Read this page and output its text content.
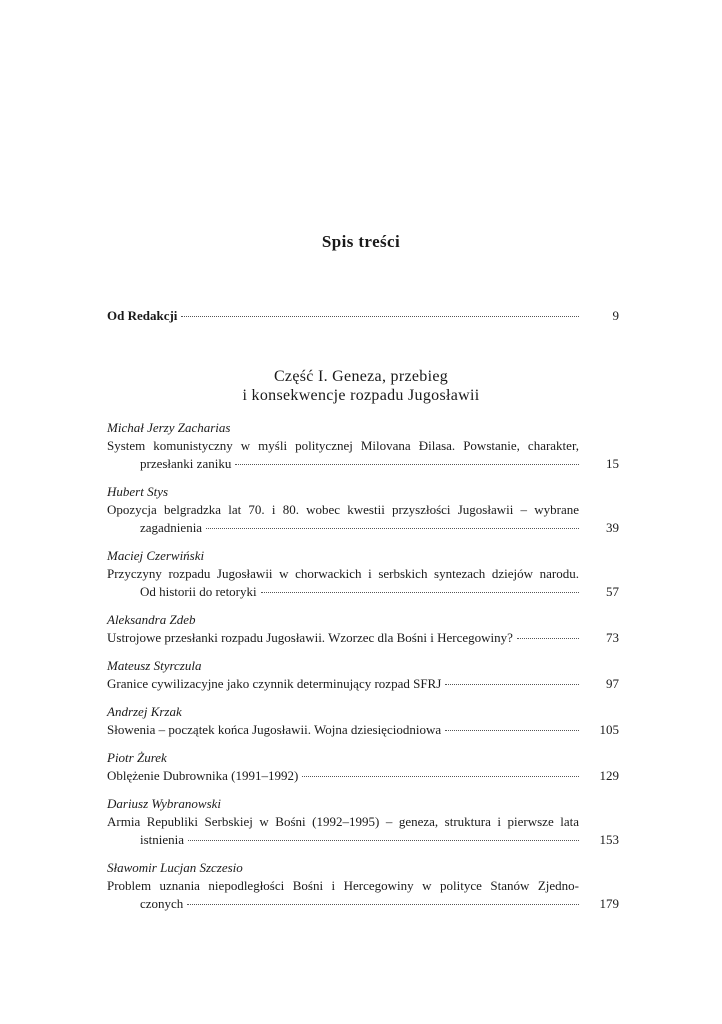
Spis treści
Od Redakcji	9
Część I. Geneza, przebieg
i konsekwencje rozpadu Jugosławii
Michał Jerzy Zacharias
System komunistyczny w myśli politycznej Milovana Đilasa. Powstanie, charakter,
przesłanki zaniku	15
Hubert Stys
Opozycja belgradzka lat 70. i 80. wobec kwestii przyszłości Jugosławii – wybrane
zagadnienia	39
Maciej Czerwiński
Przyczyny rozpadu Jugosławii w chorwackich i serbskich syntezach dziejów narodu.
Od historii do retoryki	57
Aleksandra Zdeb
Ustrojowe przesłanki rozpadu Jugosławii. Wzorzec dla Bośni i Hercegowiny?	73
Mateusz Styrczula
Granice cywilizacyjne jako czynnik determinujący rozpad SFRJ	97
Andrzej Krzak
Słowenia – początek końca Jugosławii. Wojna dziesięciodniowa	105
Piotr Żurek
Oblężenie Dubrownika (1991–1992)	129
Dariusz Wybranowski
Armia Republiki Serbskiej w Bośni (1992–1995) – geneza, struktura i pierwsze lata
istnienia	153
Sławomir Lucjan Szczesio
Problem uznania niepodległości Bośni i Hercegowiny w polityce Stanów Zjedno-
czonych	179
